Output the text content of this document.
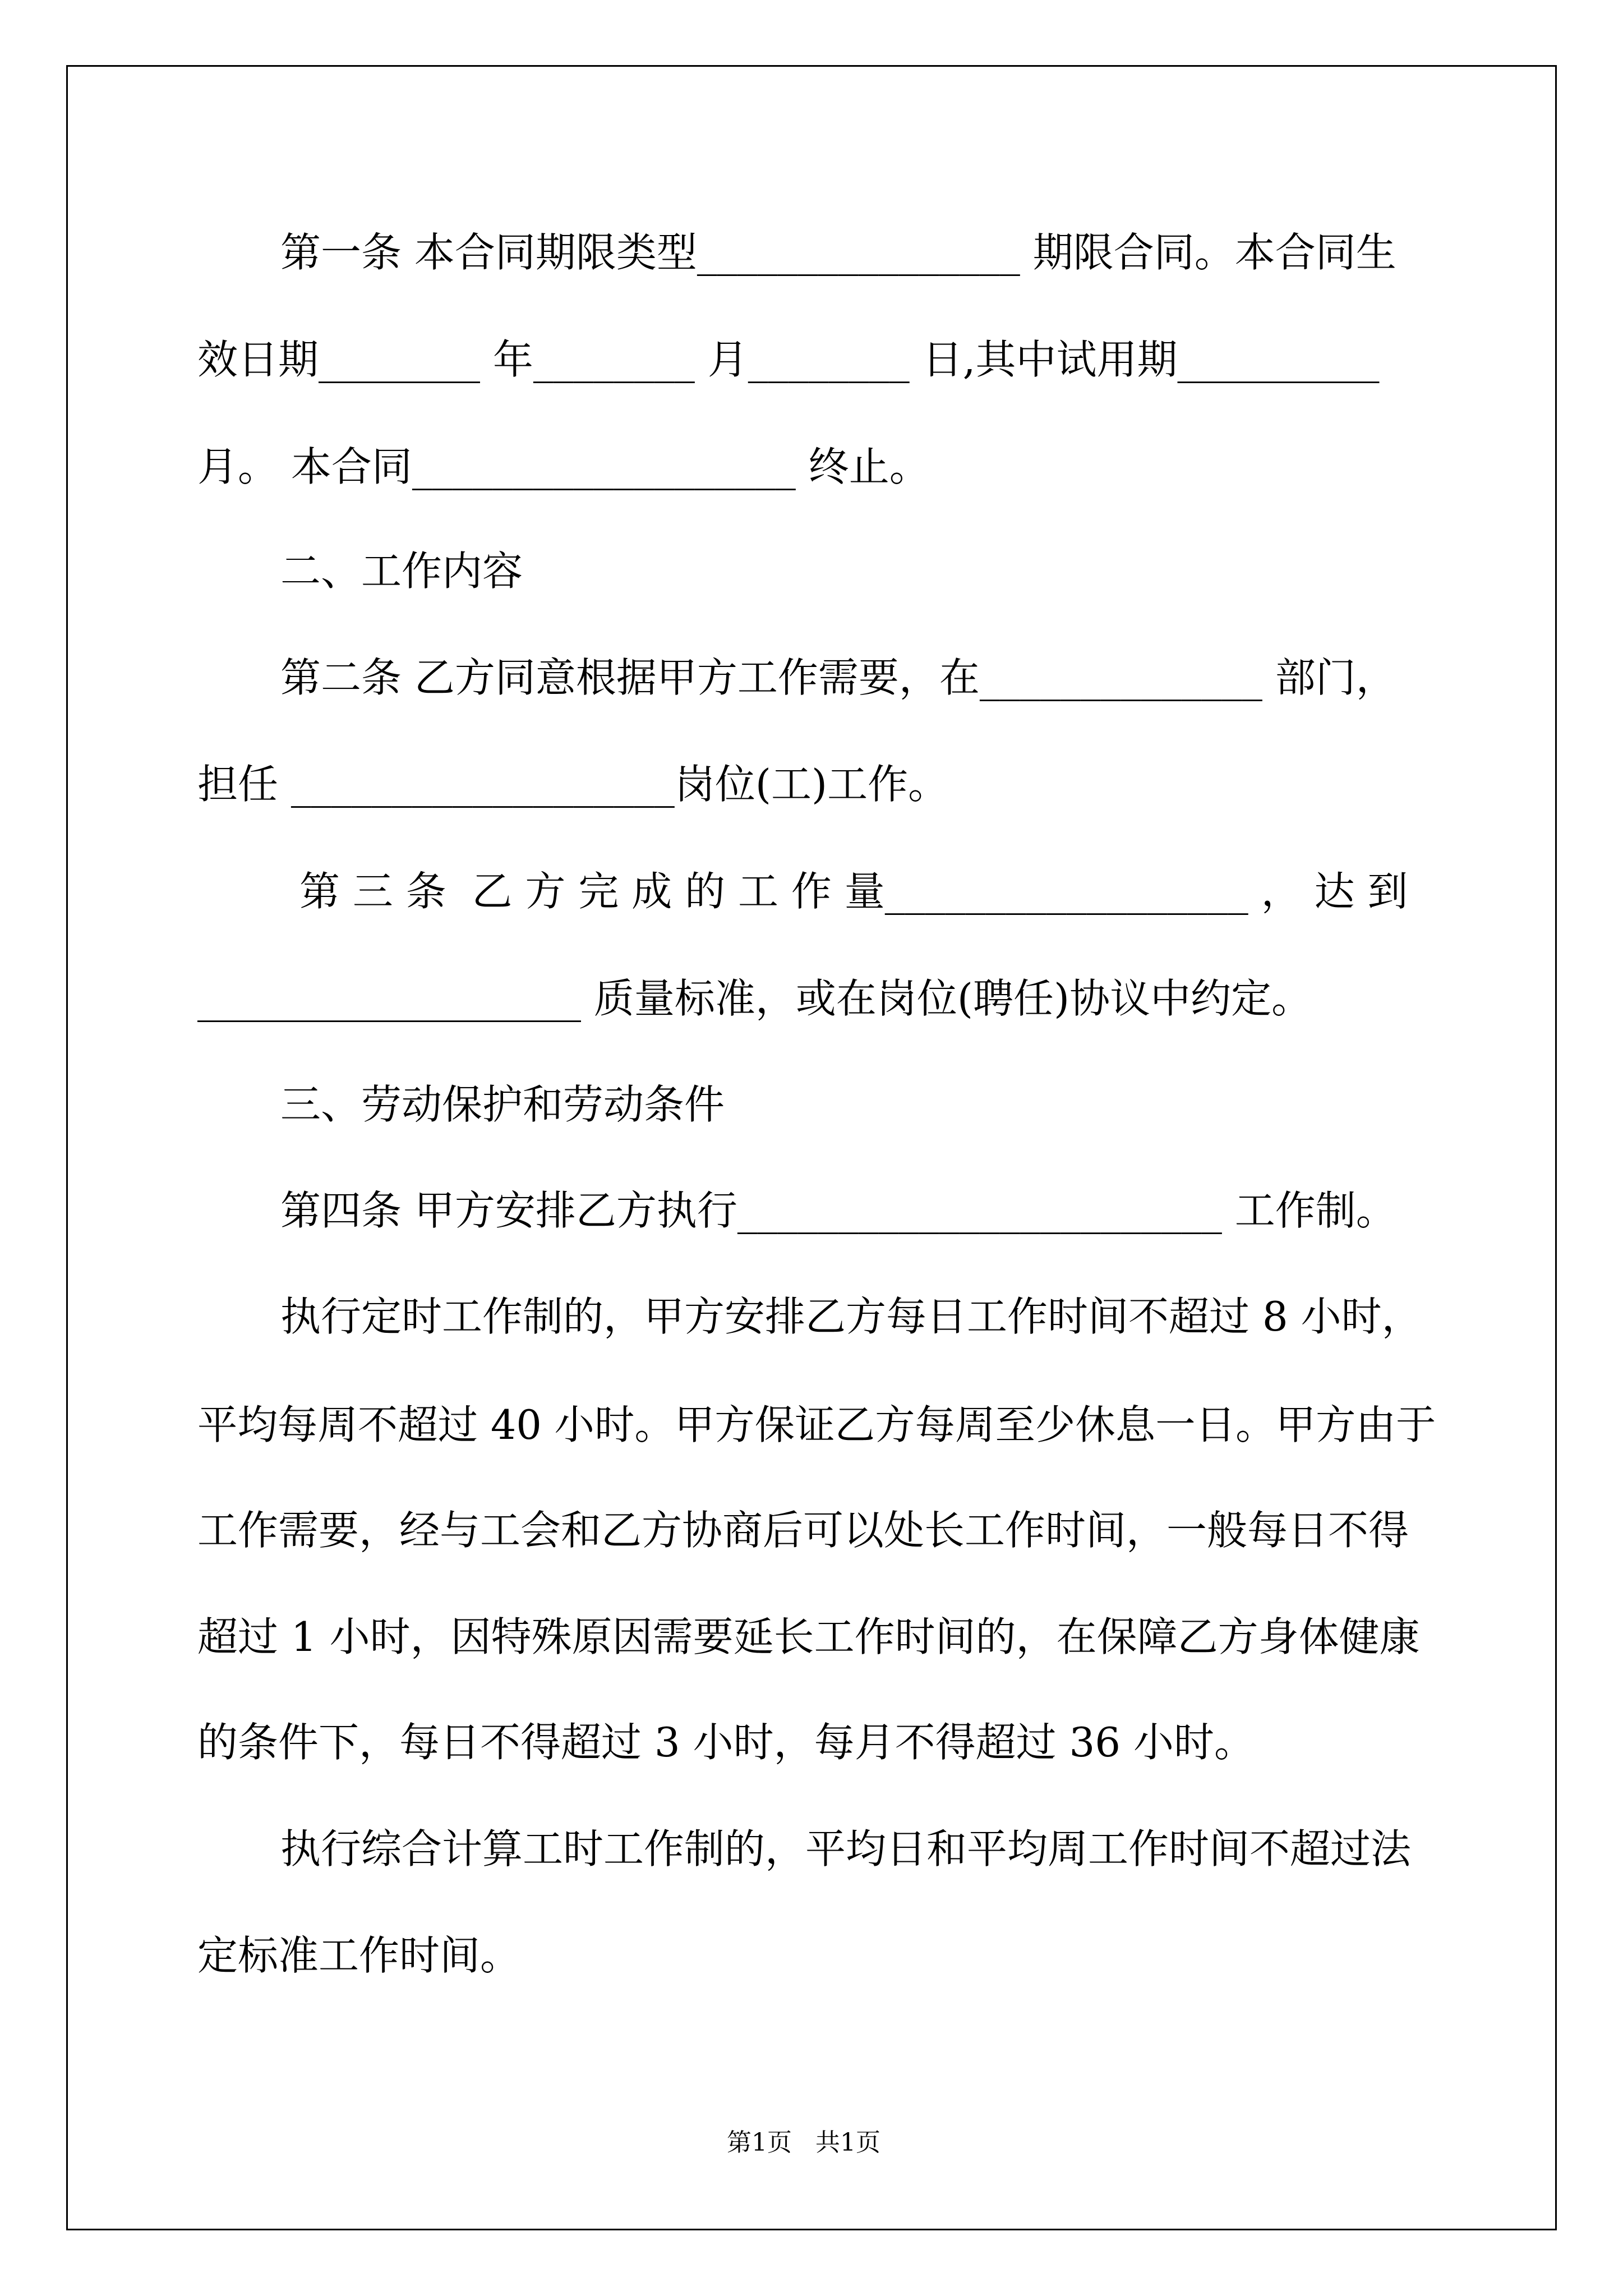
第一条 本合同期限类型________________ 期限合同。本合同生
效日期________ 年________ 月________ 日,其中试用期__________
月。 本合同___________________ 终止。
二、工作内容
第二条 乙方同意根据甲方工作需要，在______________ 部门，
担任 ___________________岗位(工)工作。
第 三 条  乙 方 完 成 的 工 作 量__________________ ， 达 到
___________________ 质量标准，或在岗位(聘任)协议中约定。
三、劳动保护和劳动条件
第四条 甲方安排乙方执行________________________ 工作制。
执行定时工作制的，甲方安排乙方每日工作时间不超过 8 小时，
平均每周不超过 40 小时。甲方保证乙方每周至少休息一日。甲方由于
工作需要，经与工会和乙方协商后可以处长工作时间，一般每日不得
超过 1 小时，因特殊原因需要延长工作时间的，在保障乙方身体健康
的条件下，每日不得超过 3 小时，每月不得超过 36 小时。
执行综合计算工时工作制的，平均日和平均周工作时间不超过法
定标准工作时间。
第1页   共1页
